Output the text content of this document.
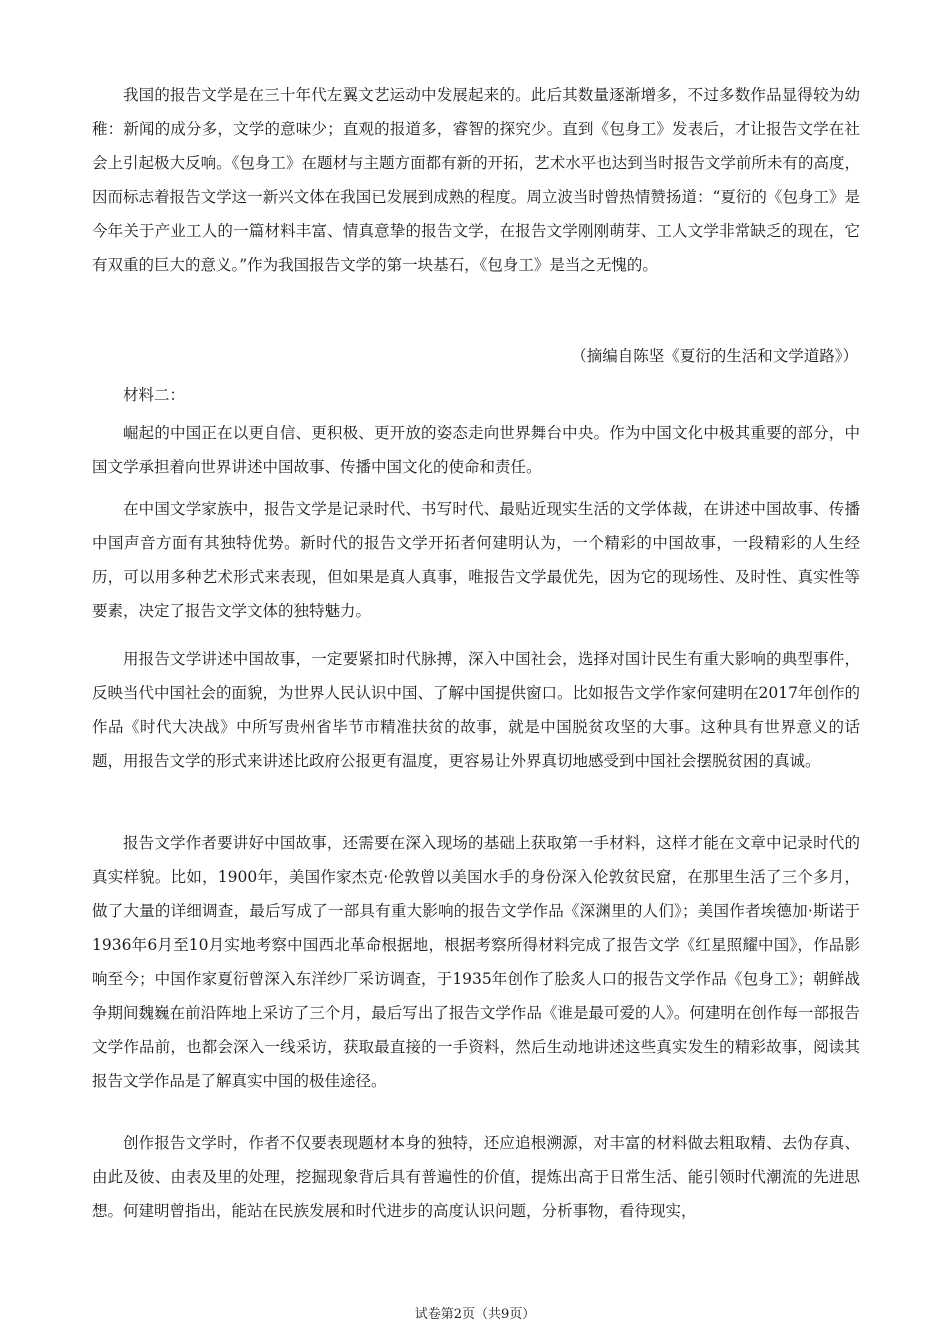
我国的报告文学是在三十年代左翼文艺运动中发展起来的。此后其数量逐渐增多，不过多数作品显得较为幼稚：新闻的成分多，文学的意味少；直观的报道多，睿智的探究少。直到《包身工》发表后，才让报告文学在社会上引起极大反响。《包身工》在题材与主题方面都有新的开拓，艺术水平也达到当时报告文学前所未有的高度，因而标志着报告文学这一新兴文体在我国已发展到成熟的程度。周立波当时曾热情赞扬道：“夏衍的《包身工》是今年关于产业工人的一篇材料丰富、情真意挚的报告文学，在报告文学刚刚萌芽、工人文学非常缺乏的现在，它有双重的巨大的意义。”作为我国报告文学的第一块基石，《包身工》是当之无愧的。

（摘编自陈坚《夏衍的生活和文学道路》）

材料二：

崛起的中国正在以更自信、更积极、更开放的姿态走向世界舞台中央。作为中国文化中极其重要的部分，中国文学承担着向世界讲述中国故事、传播中国文化的使命和责任。

在中国文学家族中，报告文学是记录时代、书写时代、最贴近现实生活的文学体裁，在讲述中国故事、传播中国声音方面有其独特优势。新时代的报告文学开拓者何建明认为，一个精彩的中国故事，一段精彩的人生经历，可以用多种艺术形式来表现，但如果是真人真事，唯报告文学最优先，因为它的现场性、及时性、真实性等要素，决定了报告文学文体的独特魅力。

用报告文学讲述中国故事，一定要紧扣时代脉搏，深入中国社会，选择对国计民生有重大影响的典型事件，反映当代中国社会的面貌，为世界人民认识中国、了解中国提供窗口。比如报告文学作家何建明在2017年创作的作品《时代大决战》中所写贵州省毕节市精准扶贫的故事，就是中国脱贫攻坚的大事。这种具有世界意义的话题，用报告文学的形式来讲述比政府公报更有温度，更容易让外界真切地感受到中国社会摆脱贫困的真诚。

报告文学作者要讲好中国故事，还需要在深入现场的基础上获取第一手材料，这样才能在文章中记录时代的真实样貌。比如，1900年，美国作家杰克·伦敦曾以美国水手的身份深入伦敦贫民窟，在那里生活了三个多月，做了大量的详细调查，最后写成了一部具有重大影响的报告文学作品《深渊里的人们》；美国作者埃德加·斯诺于1936年6月至10月实地考察中国西北革命根据地，根据考察所得材料完成了报告文学《红星照耀中国》，作品影响至今；中国作家夏衍曾深入东洋纱厂采访调查，于1935年创作了脍炙人口的报告文学作品《包身工》；朝鲜战争期间魏巍在前沿阵地上采访了三个月，最后写出了报告文学作品《谁是最可爱的人》。何建明在创作每一部报告文学作品前，也都会深入一线采访，获取最直接的一手资料，然后生动地讲述这些真实发生的精彩故事，阅读其报告文学作品是了解真实中国的极佳途径。

创作报告文学时，作者不仅要表现题材本身的独特，还应追根溯源，对丰富的材料做去粗取精、去伪存真、由此及彼、由表及里的处理，挖掘现象背后具有普遍性的价值，提炼出高于日常生活、能引领时代潮流的先进思想。何建明曾指出，能站在民族发展和时代进步的高度认识问题，分析事物，看待现实，

试卷第2页（共9页）
